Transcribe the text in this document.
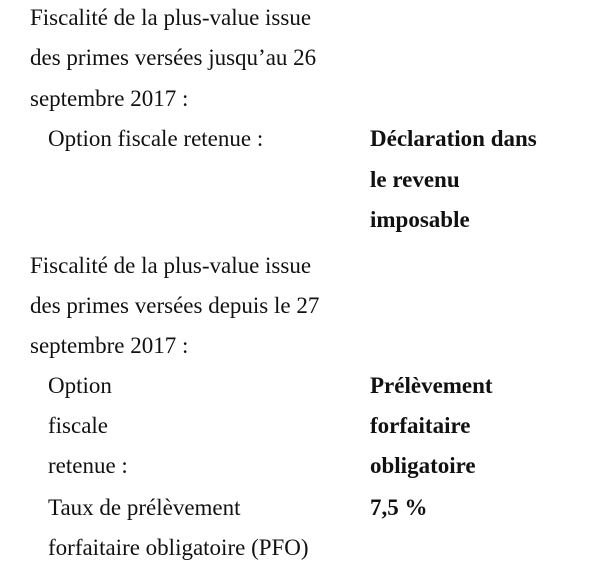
Fiscalité de la plus-value issue
des primes versées jusqu’au 26
septembre 2017 :
Option fiscale retenue :	Déclaration dans
le revenu
imposable
Fiscalité de la plus-value issue
des primes versées depuis le 27
septembre 2017 :
Option
fiscale
retenue :
Prélèvement
forfaitaire
obligatoire
Taux de prélèvement
forfaitaire obligatoire (PFO)
7,5 %
